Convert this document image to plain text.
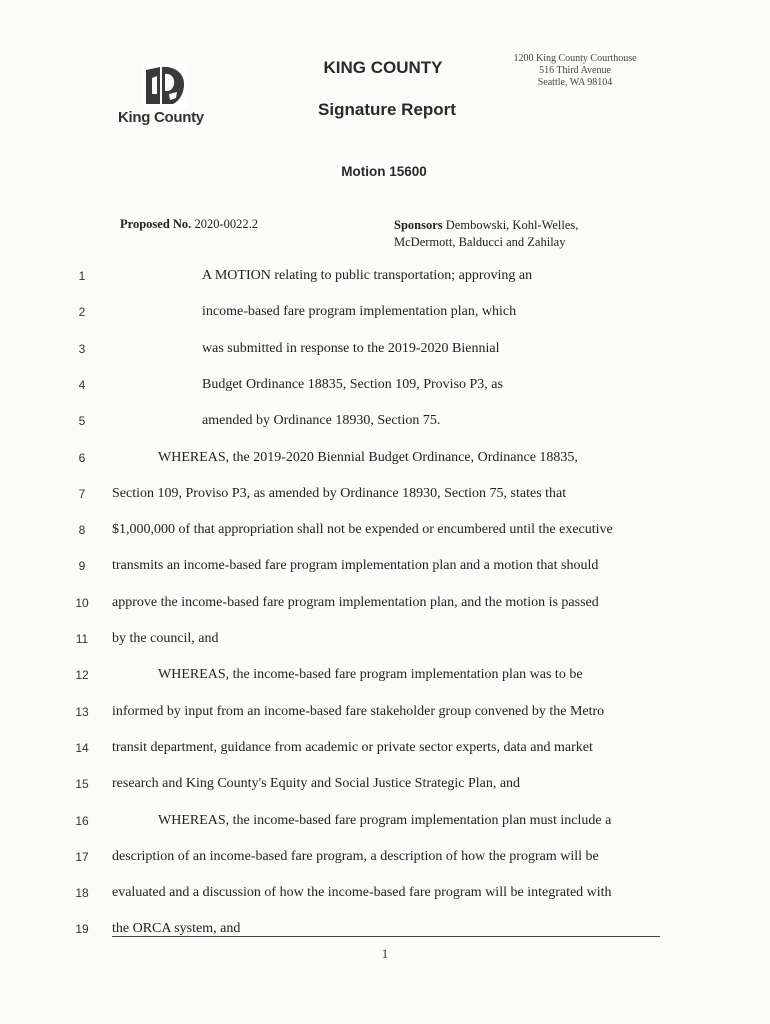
King County
KING COUNTY
Signature Report
Motion 15600
1200 King County Courthouse
516 Third Avenue
Seattle, WA 98104
Proposed No. 2020-0022.2	Sponsors Dembowski, Kohl-Welles,
McDermott, Balducci and Zahilay
1	A MOTION relating to public transportation; approving an
2	income-based fare program implementation plan, which
3	was submitted in response to the 2019-2020 Biennial
4	Budget Ordinance 18835, Section 109, Proviso P3, as
5	amended by Ordinance 18930, Section 75.
6	WHEREAS, the 2019-2020 Biennial Budget Ordinance, Ordinance 18835,
7	Section 109, Proviso P3, as amended by Ordinance 18930, Section 75, states that
8	$1,000,000 of that appropriation shall not be expended or encumbered until the executive
9	transmits an income-based fare program implementation plan and a motion that should
10	approve the income-based fare program implementation plan, and the motion is passed
11	by the council, and
12	WHEREAS, the income-based fare program implementation plan was to be
13	informed by input from an income-based fare stakeholder group convened by the Metro
14	transit department, guidance from academic or private sector experts, data and market
15	research and King County's Equity and Social Justice Strategic Plan, and
16	WHEREAS, the income-based fare program implementation plan must include a
17	description of an income-based fare program, a description of how the program will be
18	evaluated and a discussion of how the income-based fare program will be integrated with
19	the ORCA system, and
1
